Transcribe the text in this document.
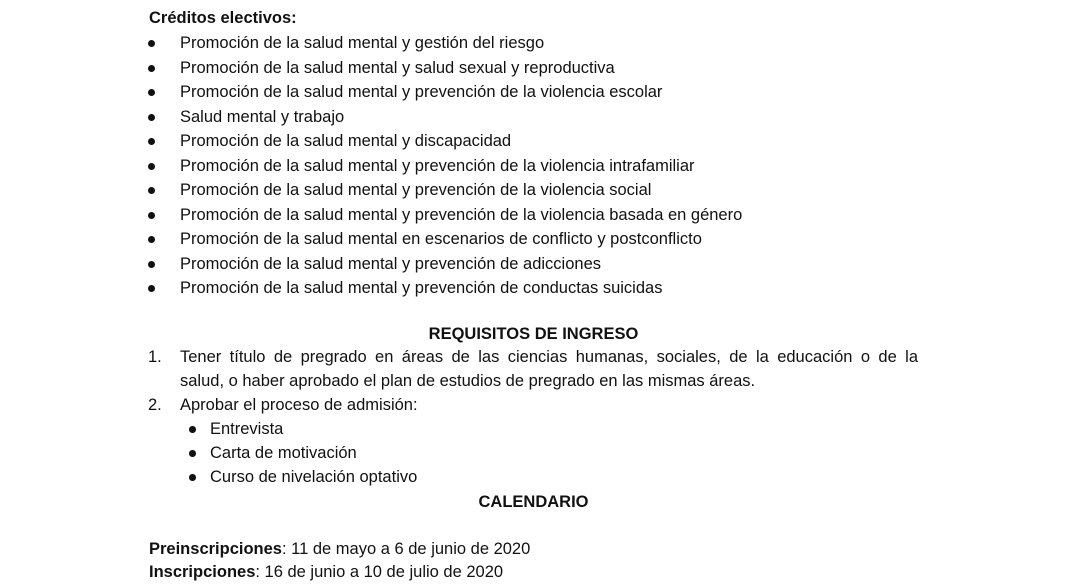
Créditos electivos:
Promoción de la salud mental y gestión del riesgo
Promoción de la salud mental y salud sexual y reproductiva
Promoción de la salud mental y prevención de la violencia escolar
Salud mental y trabajo
Promoción de la salud mental y discapacidad
Promoción de la salud mental y prevención de la violencia intrafamiliar
Promoción de la salud mental y prevención de la violencia social
Promoción de la salud mental y prevención de la violencia basada en género
Promoción de la salud mental en escenarios de conflicto y postconflicto
Promoción de la salud mental y prevención de adicciones
Promoción de la salud mental y prevención de conductas suicidas
REQUISITOS DE INGRESO
1. Tener título de pregrado en áreas de las ciencias humanas, sociales, de la educación o de la
salud, o haber aprobado el plan de estudios de pregrado en las mismas áreas.
2. Aprobar el proceso de admisión:
Entrevista
Carta de motivación
Curso de nivelación optativo
CALENDARIO
Preinscripciones: 11 de mayo a 6 de junio de 2020
Inscripciones: 16 de junio a 10 de julio de 2020
